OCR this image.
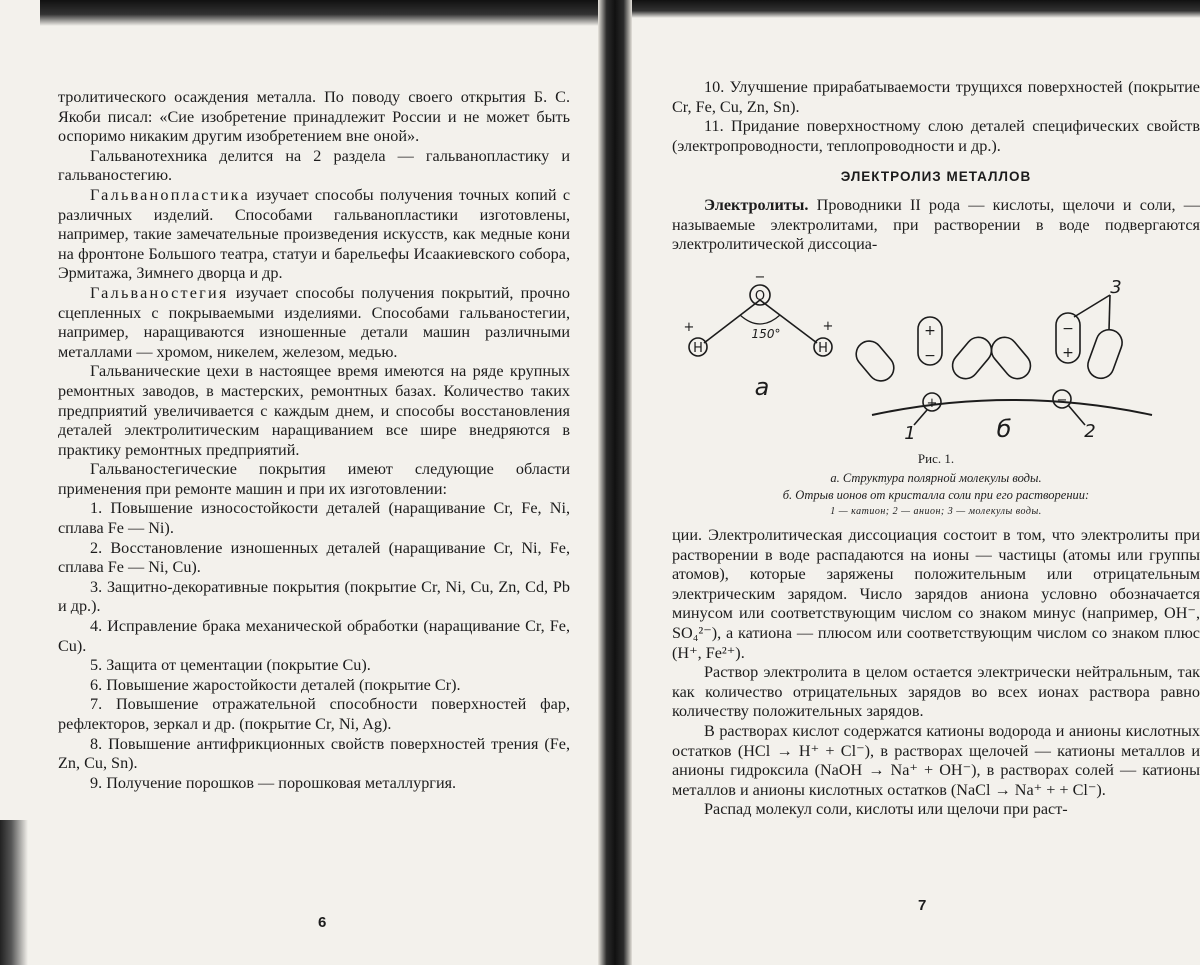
тролитического осаждения металла. По поводу своего открытия Б. С. Якоби писал: «Сие изобретение принадлежит России и не может быть оспоримо никаким другим изобретением вне оной».

Гальванотехника делится на 2 раздела — гальванопластику и гальваностегию.

Гальванопластика изучает способы получения точных копий с различных изделий. Способами гальванопластики изготовлены, например, такие замечательные произведения искусств, как медные кони на фронтоне Большого театра, статуи и барельефы Исаакиевского собора, Эрмитажа, Зимнего дворца и др.

Гальваностегия изучает способы получения покрытий, прочно сцепленных с покрываемыми изделиями. Способами гальваностегии, например, наращиваются изношенные детали машин различными металлами — хромом, никелем, железом, медью.

Гальванические цехи в настоящее время имеются на ряде крупных ремонтных заводов, в мастерских, ремонтных базах. Количество таких предприятий увеличивается с каждым днем, и способы восстановления деталей электролитическим наращиванием все шире внедряются в практику ремонтных предприятий.

Гальваностегические покрытия имеют следующие области применения при ремонте машин и при их изготовлении:

1. Повышение износостойкости деталей (наращивание Cr, Fe, Ni, сплава Fe — Ni).

2. Восстановление изношенных деталей (наращивание Cr, Ni, Fe, сплава Fe — Ni, Cu).

3. Защитно-декоративные покрытия (покрытие Cr, Ni, Cu, Zn, Cd, Pb и др.).

4. Исправление брака механической обработки (наращивание Cr, Fe, Cu).

5. Защита от цементации (покрытие Cu).

6. Повышение жаростойкости деталей (покрытие Cr).

7. Повышение отражательной способности поверхностей фар, рефлекторов, зеркал и др. (покрытие Cr, Ni, Ag).

8. Повышение антифрикционных свойств поверхностей трения (Fe, Zn, Cu, Sn).

9. Получение порошков — порошковая металлургия.

6

10. Улучшение прирабатываемости трущихся поверхностей (покрытие Cr, Fe, Cu, Zn, Sn).

11. Придание поверхностному слою деталей специфических свойств (электропроводности, теплопроводности и др.).

ЭЛЕКТРОЛИЗ МЕТАЛЛОВ

Электролиты. Проводники II рода — кислоты, щелочи и соли, — называемые электролитами, при растворении в воде подвергаются электролитической диссоциа-

O
H	H
+	+
−
150°
+	−
+
−
−
+
a
б
1	2
3
Рис. 1.
а. Структура полярной молекулы воды.
б. Отрыв ионов от кристалла соли при его растворении:
1 — катион; 2 — анион; 3 — молекулы воды.

ции. Электролитическая диссоциация состоит в том, что электролиты при растворении в воде распадаются на ионы — частицы (атомы или группы атомов), которые заряжены положительным или отрицательным электрическим зарядом. Число зарядов аниона условно обозначается минусом или соответствующим числом со знаком минус (например, OH⁻, SO₄²⁻), а катиона — плюсом или соответствующим числом со знаком плюс (H⁺, Fe²⁺).

Раствор электролита в целом остается электрически нейтральным, так как количество отрицательных зарядов во всех ионах раствора равно количеству положительных зарядов.

В растворах кислот содержатся катионы водорода и анионы кислотных остатков (HCl → H⁺ + Cl⁻), в растворах щелочей — катионы металлов и анионы гидроксила (NaOH → Na⁺ + OH⁻), в растворах солей — катионы металлов и анионы кислотных остатков (NaCl → Na⁺ + + Cl⁻).

Распад молекул соли, кислоты или щелочи при раст-

7
